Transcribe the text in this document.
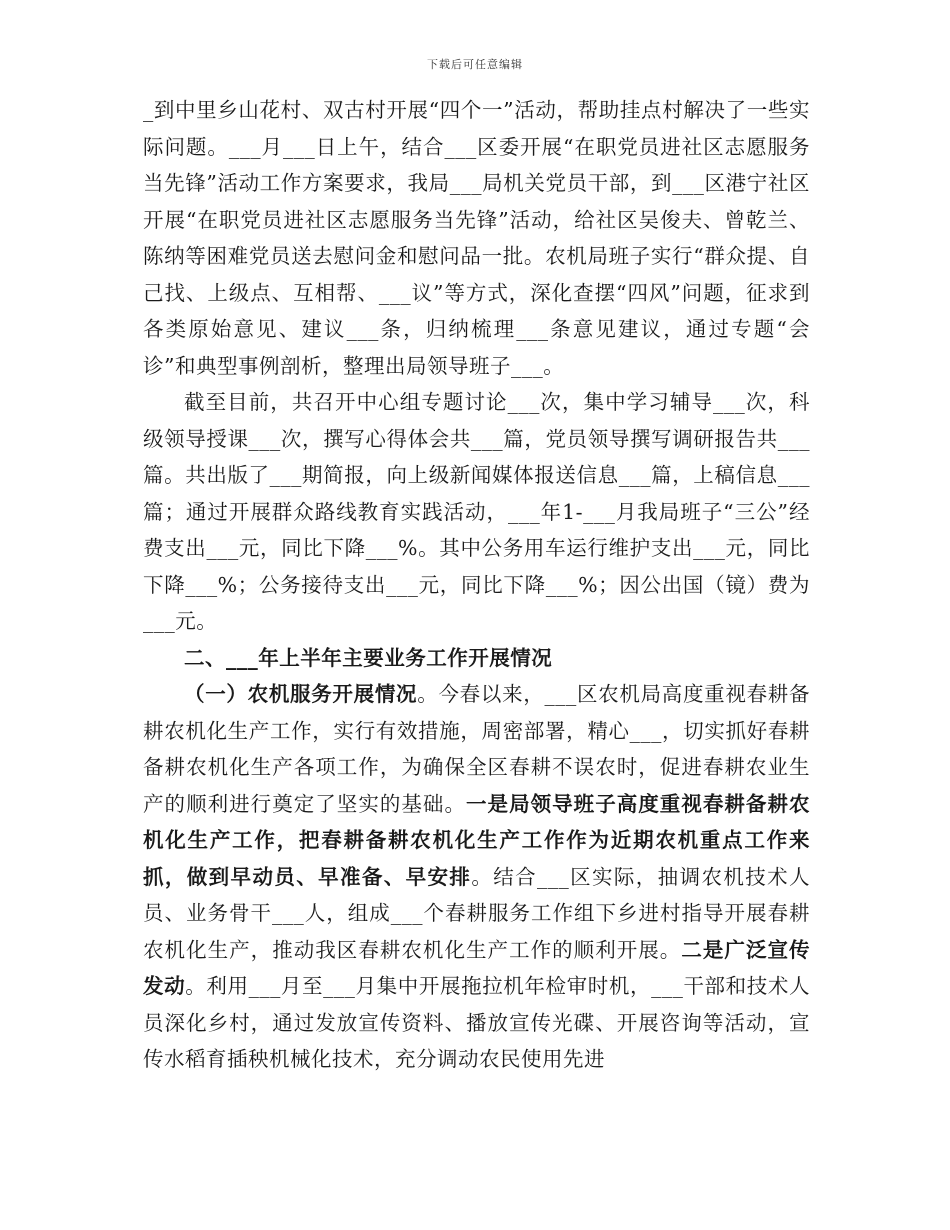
下载后可任意编辑

_到中里乡山花村、双古村开展“四个一”活动，帮助挂点村解决了一些实际问题。___月___日上午，结合___区委开展“在职党员进社区志愿服务当先锋”活动工作方案要求，我局___局机关党员干部，到___区港宁社区开展“在职党员进社区志愿服务当先锋”活动，给社区吴俊夫、曾乾兰、陈纳等困难党员送去慰问金和慰问品一批。农机局班子实行“群众提、自己找、上级点、互相帮、___议”等方式，深化查摆“四风”问题，征求到各类原始意见、建议___条，归纳梳理___条意见建议，通过专题“会诊”和典型事例剖析，整理出局领导班子___。

截至目前，共召开中心组专题讨论___次，集中学习辅导___次，科级领导授课___次，撰写心得体会共___篇，党员领导撰写调研报告共___篇。共出版了___期简报，向上级新闻媒体报送信息___篇，上稿信息___篇；通过开展群众路线教育实践活动，___年1-___月我局班子“三公”经费支出___元，同比下降___%。其中公务用车运行维护支出___元，同比下降___%；公务接待支出___元，同比下降___%；因公出国（镜）费为___元。

二、___年上半年主要业务工作开展情况

（一）农机服务开展情况。今春以来，___区农机局高度重视春耕备耕农机化生产工作，实行有效措施，周密部署，精心___，切实抓好春耕备耕农机化生产各项工作，为确保全区春耕不误农时，促进春耕农业生产的顺利进行奠定了坚实的基础。一是局领导班子高度重视春耕备耕农机化生产工作，把春耕备耕农机化生产工作作为近期农机重点工作来抓，做到早动员、早准备、早安排。结合___区实际，抽调农机技术人员、业务骨干___人，组成___个春耕服务工作组下乡进村指导开展春耕农机化生产，推动我区春耕农机化生产工作的顺利开展。二是广泛宣传发动。利用___月至___月集中开展拖拉机年检审时机，___干部和技术人员深化乡村，通过发放宣传资料、播放宣传光碟、开展咨询等活动，宣传水稻育插秧机械化技术，充分调动农民使用先进
